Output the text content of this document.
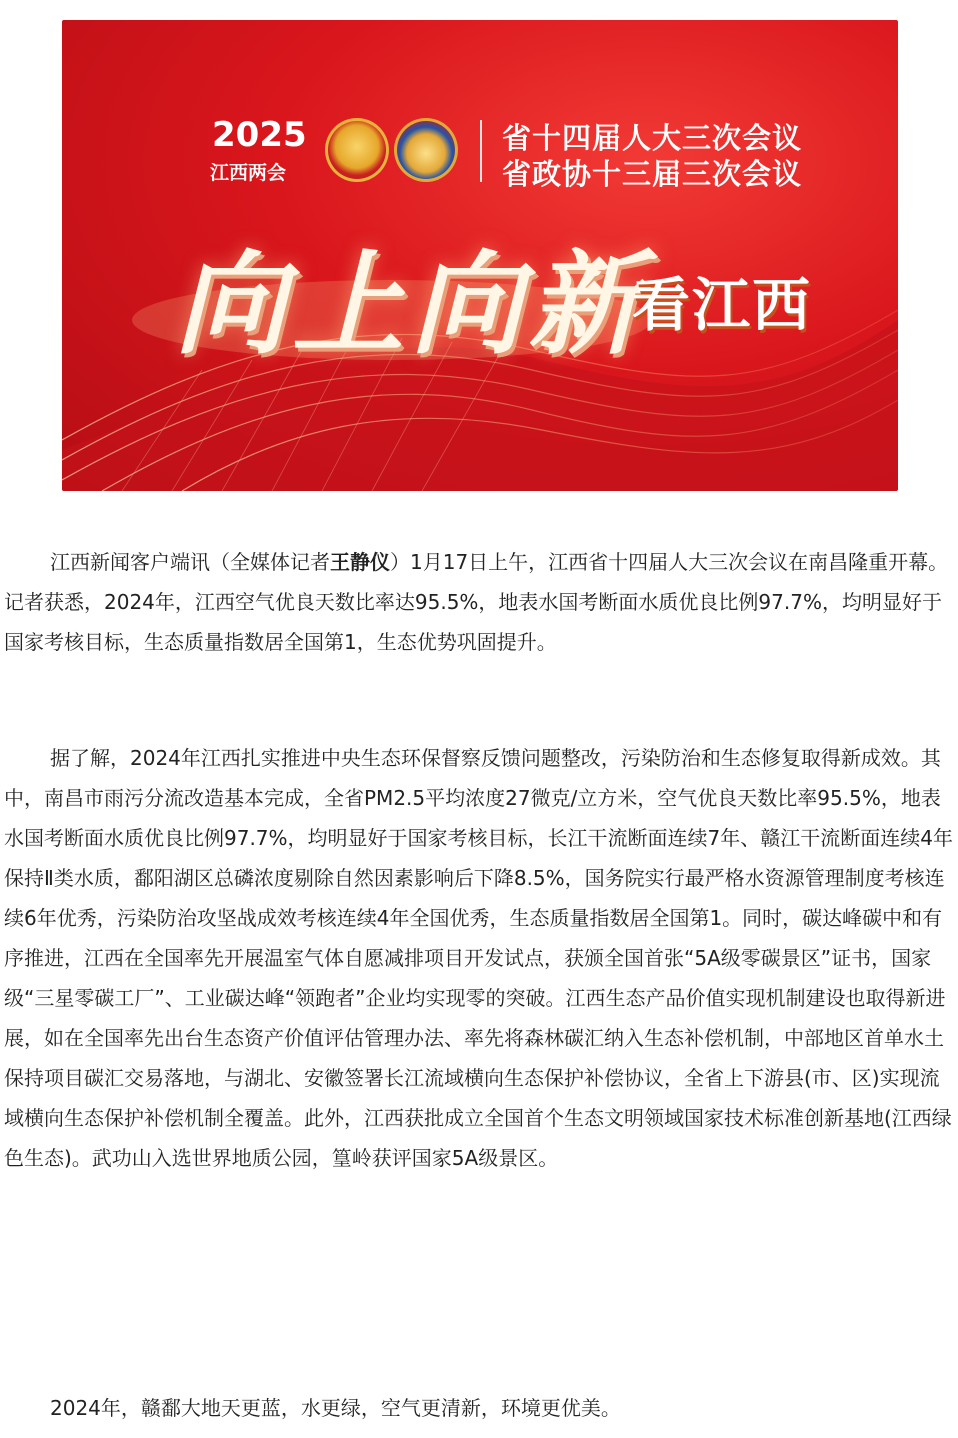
2025
江西两会
省十四届人大三次会议
省政协十三届三次会议
向上向新
看江西

江西新闻客户端讯（全媒体记者王静仪）1月17日上午，江西省十四届人大三次会议在南昌隆重开幕。记者获悉，2024年，江西空气优良天数比率达95.5%，地表水国考断面水质优良比例97.7%，均明显好于国家考核目标，生态质量指数居全国第1，生态优势巩固提升。

据了解，2024年江西扎实推进中央生态环保督察反馈问题整改，污染防治和生态修复取得新成效。其中，南昌市雨污分流改造基本完成，全省PM2.5平均浓度27微克/立方米，空气优良天数比率95.5%，地表水国考断面水质优良比例97.7%，均明显好于国家考核目标，长江干流断面连续7年、赣江干流断面连续4年保持Ⅱ类水质，鄱阳湖区总磷浓度剔除自然因素影响后下降8.5%，国务院实行最严格水资源管理制度考核连续6年优秀，污染防治攻坚战成效考核连续4年全国优秀，生态质量指数居全国第1。同时，碳达峰碳中和有序推进，江西在全国率先开展温室气体自愿减排项目开发试点，获颁全国首张“5A级零碳景区”证书，国家级“三星零碳工厂”、工业碳达峰“领跑者”企业均实现零的突破。江西生态产品价值实现机制建设也取得新进展，如在全国率先出台生态资产价值评估管理办法、率先将森林碳汇纳入生态补偿机制，中部地区首单水土保持项目碳汇交易落地，与湖北、安徽签署长江流域横向生态保护补偿协议，全省上下游县(市、区)实现流域横向生态保护补偿机制全覆盖。此外，江西获批成立全国首个生态文明领域国家技术标准创新基地(江西绿色生态)。武功山入选世界地质公园，篁岭获评国家5A级景区。

2024年，赣鄱大地天更蓝，水更绿，空气更清新，环境更优美。
